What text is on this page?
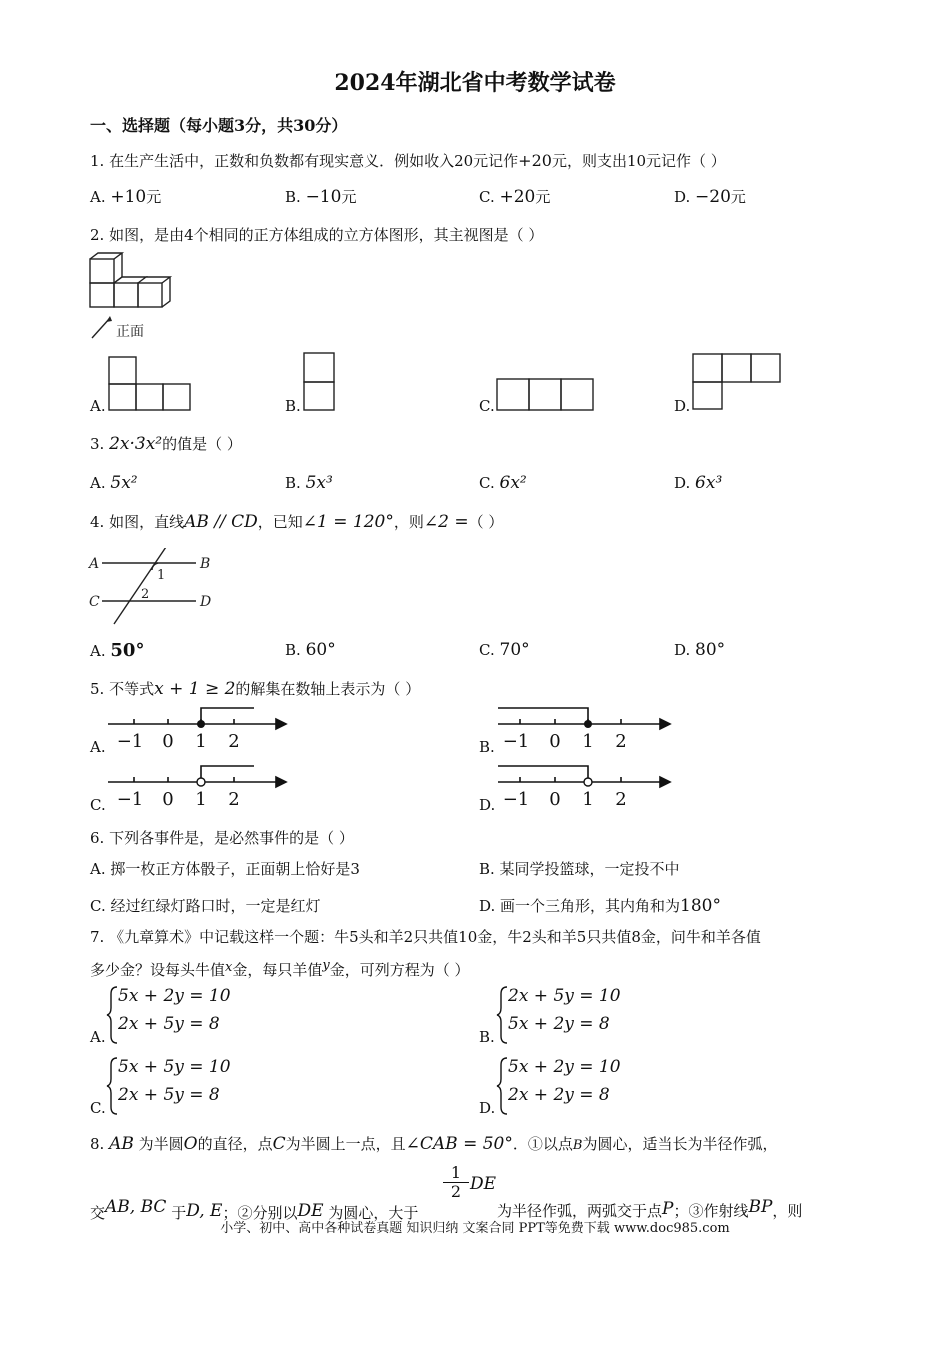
2024年湖北省中考数学试卷
一、选择题（每小题3分，共30分）
1. 在生产生活中，正数和负数都有现实意义．例如收入20元记作+20元，则支出10元记作（ ）
A. +10元	B. −10元	C. +20元	D. −20元
2. 如图，是由4个相同的正方体组成的立方体图形，其主视图是（ ）
正面
A.	B.	C.	D.
3. 2x·3x²的值是（ ）
A. 5x²	B. 5x³	C. 6x²	D. 6x³
4. 如图，直线AB // CD，已知∠1 = 120°，则∠2 =（ ）
A	B
C	D
1
2
A. 50°	B. 60°	C. 70°	D. 80°
5. 不等式x + 1 ≥ 2的解集在数轴上表示为（ ）
A. −1 0 1 2	B. −1 0 1 2
C. −1 0 1 2	D. −1 0 1 2
6. 下列各事件是，是必然事件的是（ ）
A. 掷一枚正方体骰子，正面朝上恰好是3	B. 某同学投篮球，一定投不中
C. 经过红绿灯路口时，一定是红灯	D. 画一个三角形，其内角和为180°
7. 《九章算术》中记载这样一个题：牛5头和羊2只共值10金，牛2头和羊5只共值8金，问牛和羊各值
多少金？设每头牛值x金，每只羊值y金，可列方程为（ ）
A.
5x + 2y = 10
2x + 5y = 8
B.
2x + 5y = 10
5x + 2y = 8
C.
5x + 5y = 10
2x + 5y = 8
D.
5x + 2y = 10
2x + 2y = 8
8. AB 为半圆O的直径，点C为半圆上一点，且∠CAB = 50°．①以点B为圆心，适当长为半径作弧，
交AB, BC 于D, E；②分别以DE 为圆心，大于
1
2 DE
为半径作弧，两弧交于点P；③作射线BP，则
小学、初中、高中各种试卷真题 知识归纳 文案合同 PPT等免费下载 www.doc985.com
